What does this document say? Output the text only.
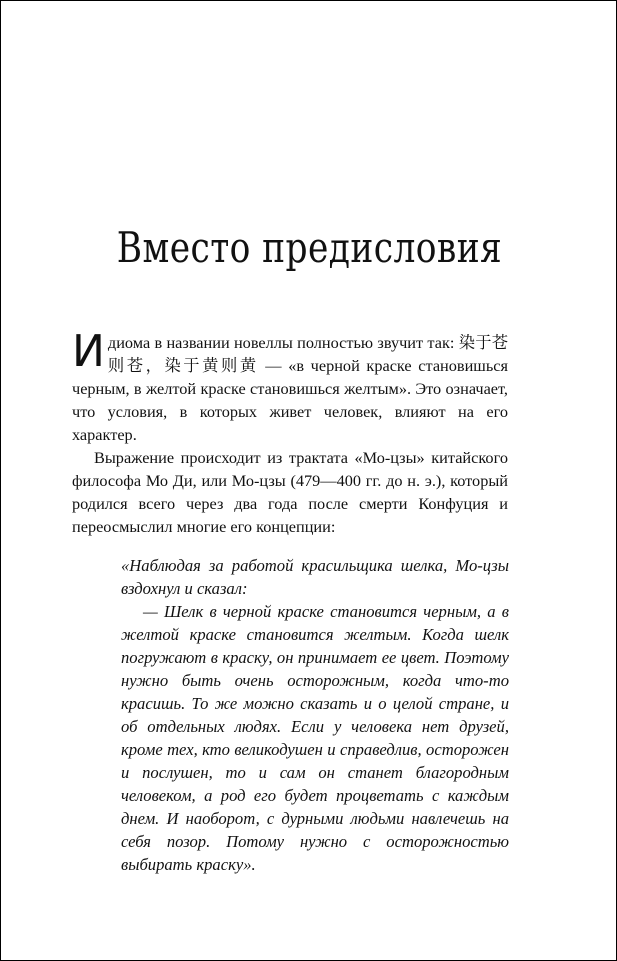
Вместо предисловия

Идиома в названии новеллы полностью звучит так: 染于苍则苍，染于黄则黄 — «в черной краске становишься черным, в желтой краске становишься желтым». Это означает, что условия, в которых живет человек, влияют на его характер.

Выражение происходит из трактата «Мо-цзы» китайского философа Мо Ди, или Мо-цзы (479—400 гг. до н. э.), который родился всего через два года после смерти Конфуция и переосмыслил многие его концепции:

«Наблюдая за работой красильщика шелка, Мо-цзы вздохнул и сказал:

— Шелк в черной краске становится черным, а в желтой краске становится желтым. Когда шелк погружают в краску, он принимает ее цвет. Поэтому нужно быть очень осторожным, когда что-то красишь. То же можно сказать и о целой стране, и об отдельных людях. Если у человека нет друзей, кроме тех, кто великодушен и справедлив, осторожен и послушен, то и сам он станет благородным человеком, а род его будет процветать с каждым днем. И наоборот, с дурными людьми навлечешь на себя позор. Потому нужно с осторожностью выбирать краску».
